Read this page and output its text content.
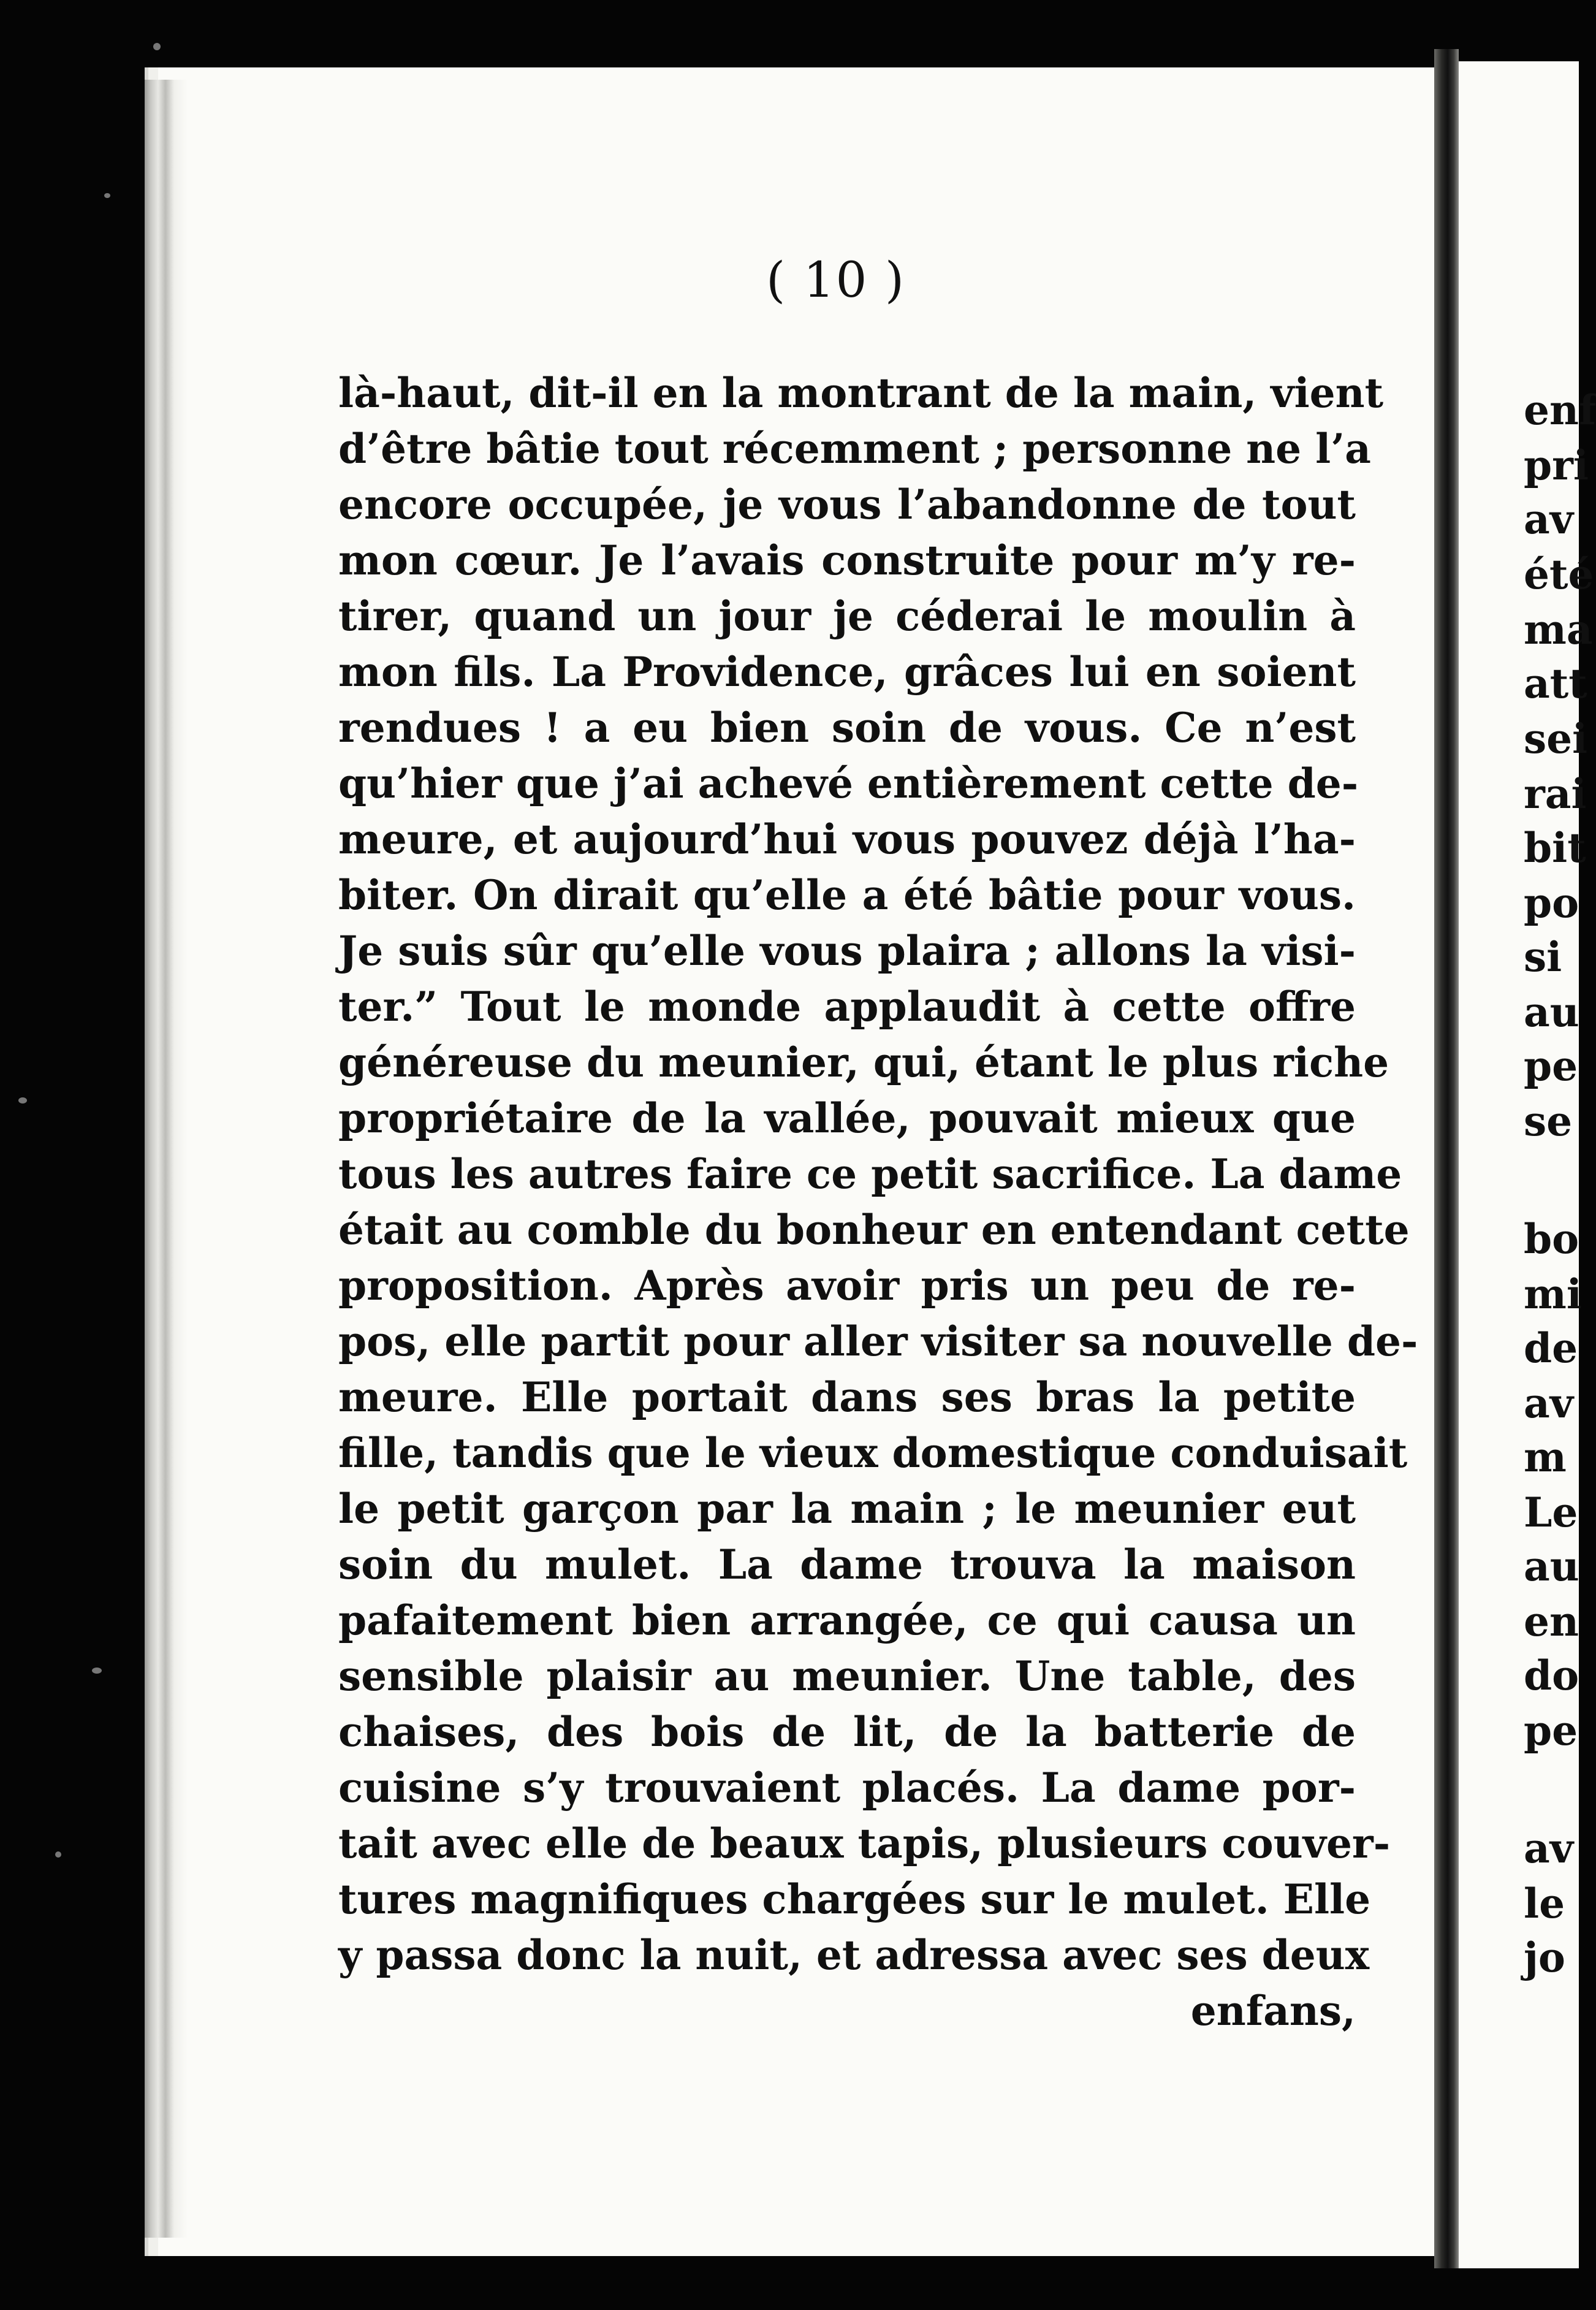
( 10 )
là-haut, dit-il en la montrant de la main, vient
d’être bâtie tout récemment ; personne ne l’a
encore occupée, je vous l’abandonne de tout
mon cœur. Je l’avais construite pour m’y re-
tirer, quand un jour je céderai le moulin à
mon fils. La Providence, grâces lui en soient
rendues ! a eu bien soin de vous. Ce n’est
qu’hier que j’ai achevé entièrement cette de-
meure, et aujourd’hui vous pouvez déjà l’ha-
biter. On dirait qu’elle a été bâtie pour vous.
Je suis sûr qu’elle vous plaira ; allons la visi-
ter.” Tout le monde applaudit à cette offre
généreuse du meunier, qui, étant le plus riche
propriétaire de la vallée, pouvait mieux que
tous les autres faire ce petit sacrifice. La dame
était au comble du bonheur en entendant cette
proposition. Après avoir pris un peu de re-
pos, elle partit pour aller visiter sa nouvelle de-
meure. Elle portait dans ses bras la petite
fille, tandis que le vieux domestique conduisait
le petit garçon par la main ; le meunier eut
soin du mulet. La dame trouva la maison
pafaitement bien arrangée, ce qui causa un
sensible plaisir au meunier. Une table, des
chaises, des bois de lit, de la batterie de
cuisine s’y trouvaient placés. La dame por-
tait avec elle de beaux tapis, plusieurs couver-
tures magnifiques chargées sur le mulet. Elle
y passa donc la nuit, et adressa avec ses deux
enfans,
enf
pri
av
été
ma
att
sei
rai
bit
po
si
au
pe
se
bo
mi
de
av
m
Le
au
en
do
pe
av
le
jo
